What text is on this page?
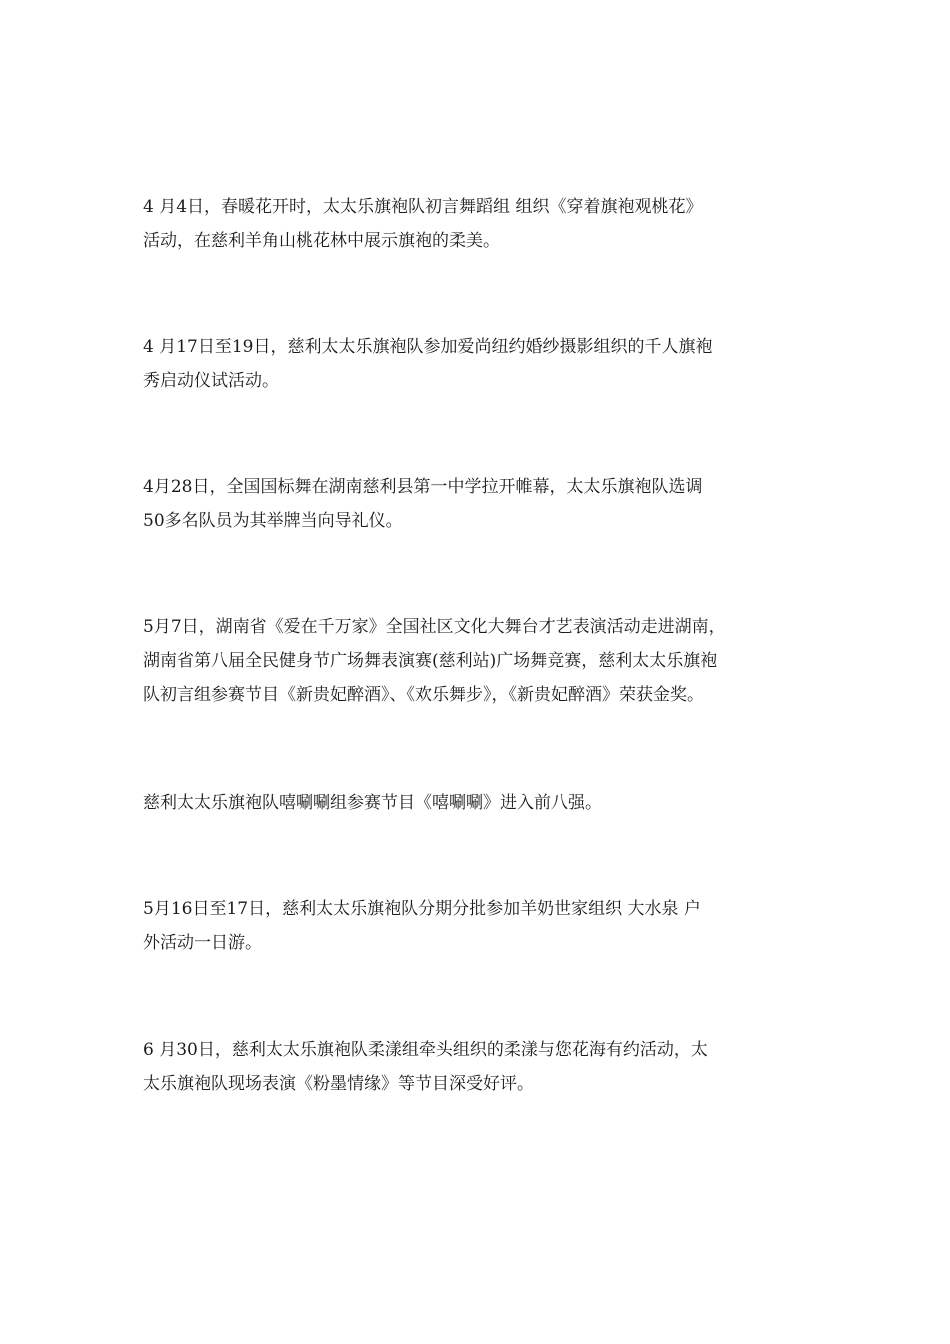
4 月4日，春暖花开时，太太乐旗袍队初言舞蹈组 组织《穿着旗袍观桃花》
活动，在慈利羊角山桃花林中展示旗袍的柔美。
4 月17日至19日，慈利太太乐旗袍队参加爱尚纽约婚纱摄影组织的千人旗袍
秀启动仪试活动。
4月28日，全国国标舞在湖南慈利县第一中学拉开帷幕，太太乐旗袍队选调
50多名队员为其举牌当向导礼仪。
5月7日，湖南省《爱在千万家》全国社区文化大舞台才艺表演活动走进湖南，
湖南省第八届全民健身节广场舞表演赛(慈利站)广场舞竞赛，慈利太太乐旗袍
队初言组参赛节目《新贵妃醉酒》、《欢乐舞步》，《新贵妃醉酒》荣获金奖。
慈利太太乐旗袍队嘻唰唰组参赛节目《嘻唰唰》进入前八强。
5月16日至17日，慈利太太乐旗袍队分期分批参加羊奶世家组织 大水泉 户
外活动一日游。
6 月30日，慈利太太乐旗袍队柔漾组牵头组织的柔漾与您花海有约活动，太
太乐旗袍队现场表演《粉墨情缘》等节目深受好评。
